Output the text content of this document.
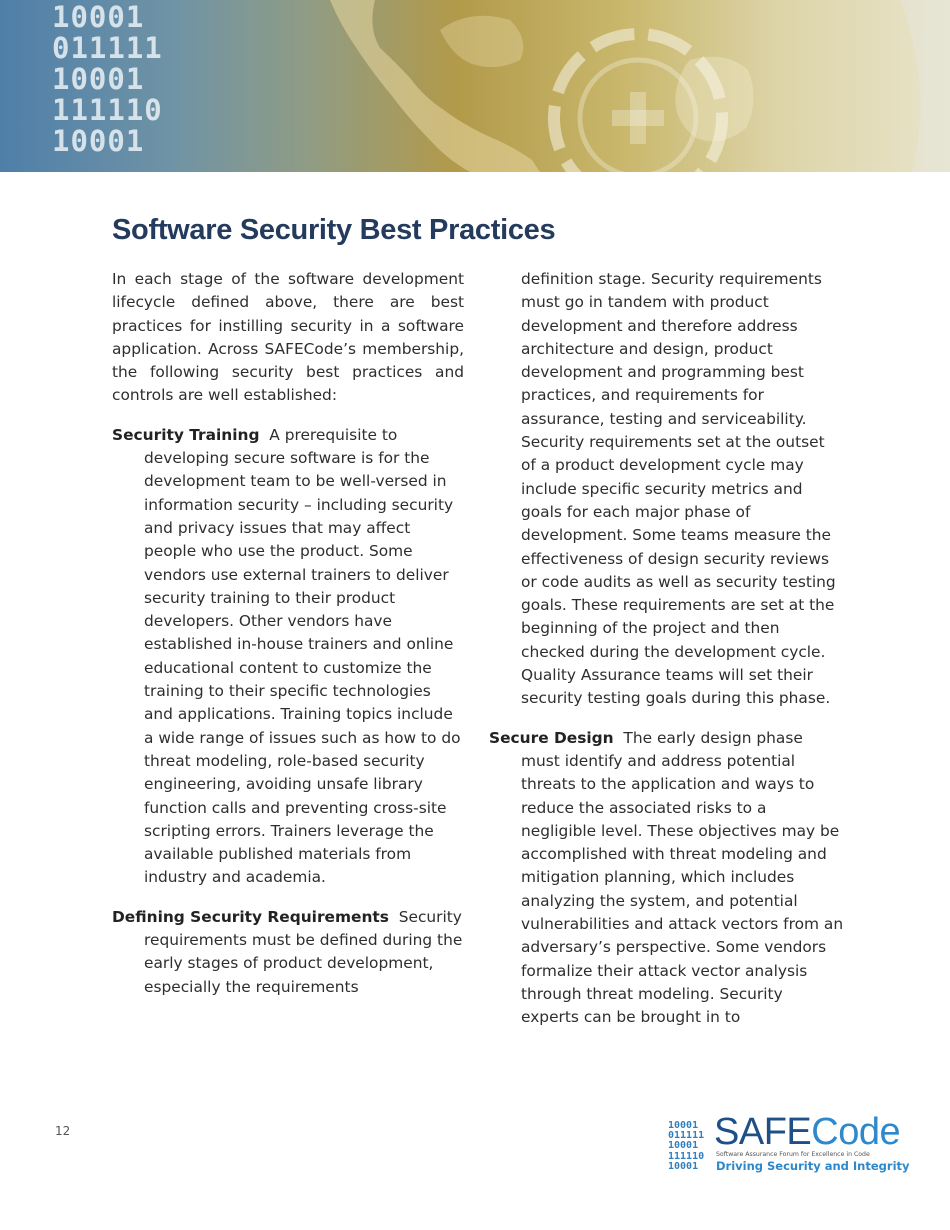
10001
011111
10001
111110
10001
Software Security Best Practices

In each stage of the software development lifecycle defined above, there are best practices for instilling security in a software application. Across SAFECode’s membership, the following security best practices and controls are well established:

Security Training A prerequisite to developing secure software is for the development team to be well-versed in information security – including security and privacy issues that may affect people who use the product. Some vendors use external trainers to deliver security training to their product developers. Other vendors have established in-house trainers and online educational content to customize the training to their specific technologies and applications. Training topics include a wide range of issues such as how to do threat modeling, role-based security engineering, avoiding unsafe library function calls and preventing cross-site scripting errors. Trainers leverage the available published materials from industry and academia.

Defining Security Requirements Security requirements must be defined during the early stages of product development, especially the requirements

definition stage. Security requirements must go in tandem with product development and therefore address architecture and design, product development and programming best practices, and requirements for assurance, testing and serviceability. Security requirements set at the outset of a product development cycle may include specific security metrics and goals for each major phase of development. Some teams measure the effectiveness of design security reviews or code audits as well as security testing goals. These requirements are set at the beginning of the project and then checked during the development cycle. Quality Assurance teams will set their security testing goals during this phase.

Secure Design The early design phase must identify and address potential threats to the application and ways to reduce the associated risks to a negligible level. These objectives may be accomplished with threat modeling and mitigation planning, which includes analyzing the system, and potential vulnerabilities and attack vectors from an adversary’s perspective. Some vendors formalize their attack vector analysis through threat modeling. Security experts can be brought in to

12	10001
011111
10001
111110
10001
SAFECode
Software Assurance Forum for Excellence in Code
Driving Security and Integrity
